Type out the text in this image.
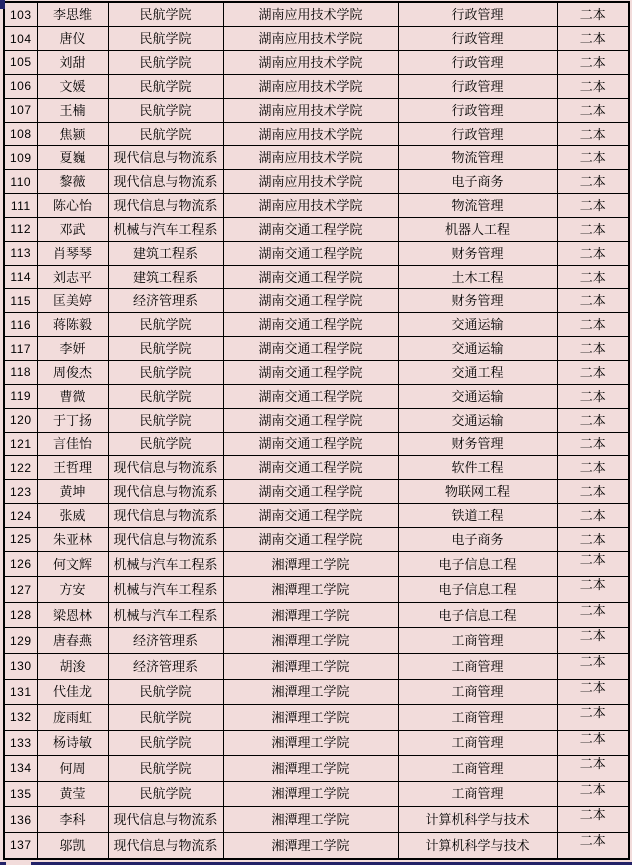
103	李思维	民航学院	湖南应用技术学院	行政管理	二本
104	唐仪	民航学院	湖南应用技术学院	行政管理	二本
105	刘甜	民航学院	湖南应用技术学院	行政管理	二本
106	文媛	民航学院	湖南应用技术学院	行政管理	二本
107	王楠	民航学院	湖南应用技术学院	行政管理	二本
108	焦颍	民航学院	湖南应用技术学院	行政管理	二本
109	夏巍	现代信息与物流系	湖南应用技术学院	物流管理	二本
110	黎薇	现代信息与物流系	湖南应用技术学院	电子商务	二本
111	陈心怡	现代信息与物流系	湖南应用技术学院	物流管理	二本
112	邓武	机械与汽车工程系	湖南交通工程学院	机器人工程	二本
113	肖琴琴	建筑工程系	湖南交通工程学院	财务管理	二本
114	刘志平	建筑工程系	湖南交通工程学院	土木工程	二本
115	匡美婷	经济管理系	湖南交通工程学院	财务管理	二本
116	蒋陈毅	民航学院	湖南交通工程学院	交通运输	二本
117	李妍	民航学院	湖南交通工程学院	交通运输	二本
118	周俊杰	民航学院	湖南交通工程学院	交通工程	二本
119	曹微	民航学院	湖南交通工程学院	交通运输	二本
120	于丁扬	民航学院	湖南交通工程学院	交通运输	二本
121	言佳怡	民航学院	湖南交通工程学院	财务管理	二本
122	王哲理	现代信息与物流系	湖南交通工程学院	软件工程	二本
123	黄坤	现代信息与物流系	湖南交通工程学院	物联网工程	二本
124	张威	现代信息与物流系	湖南交通工程学院	铁道工程	二本
125	朱亚林	现代信息与物流系	湖南交通工程学院	电子商务	二本
126	何文辉	机械与汽车工程系	湘潭理工学院	电子信息工程	二本
127	方安	机械与汽车工程系	湘潭理工学院	电子信息工程	二本
128	梁恩林	机械与汽车工程系	湘潭理工学院	电子信息工程	二本
129	唐春燕	经济管理系	湘潭理工学院	工商管理	二本
130	胡浚	经济管理系	湘潭理工学院	工商管理	二本
131	代佳龙	民航学院	湘潭理工学院	工商管理	二本
132	庞雨虹	民航学院	湘潭理工学院	工商管理	二本
133	杨诗敏	民航学院	湘潭理工学院	工商管理	二本
134	何周	民航学院	湘潭理工学院	工商管理	二本
135	黄莹	民航学院	湘潭理工学院	工商管理	二本
136	李科	现代信息与物流系	湘潭理工学院	计算机科学与技术	二本
137	邬凯	现代信息与物流系	湘潭理工学院	计算机科学与技术	二本
